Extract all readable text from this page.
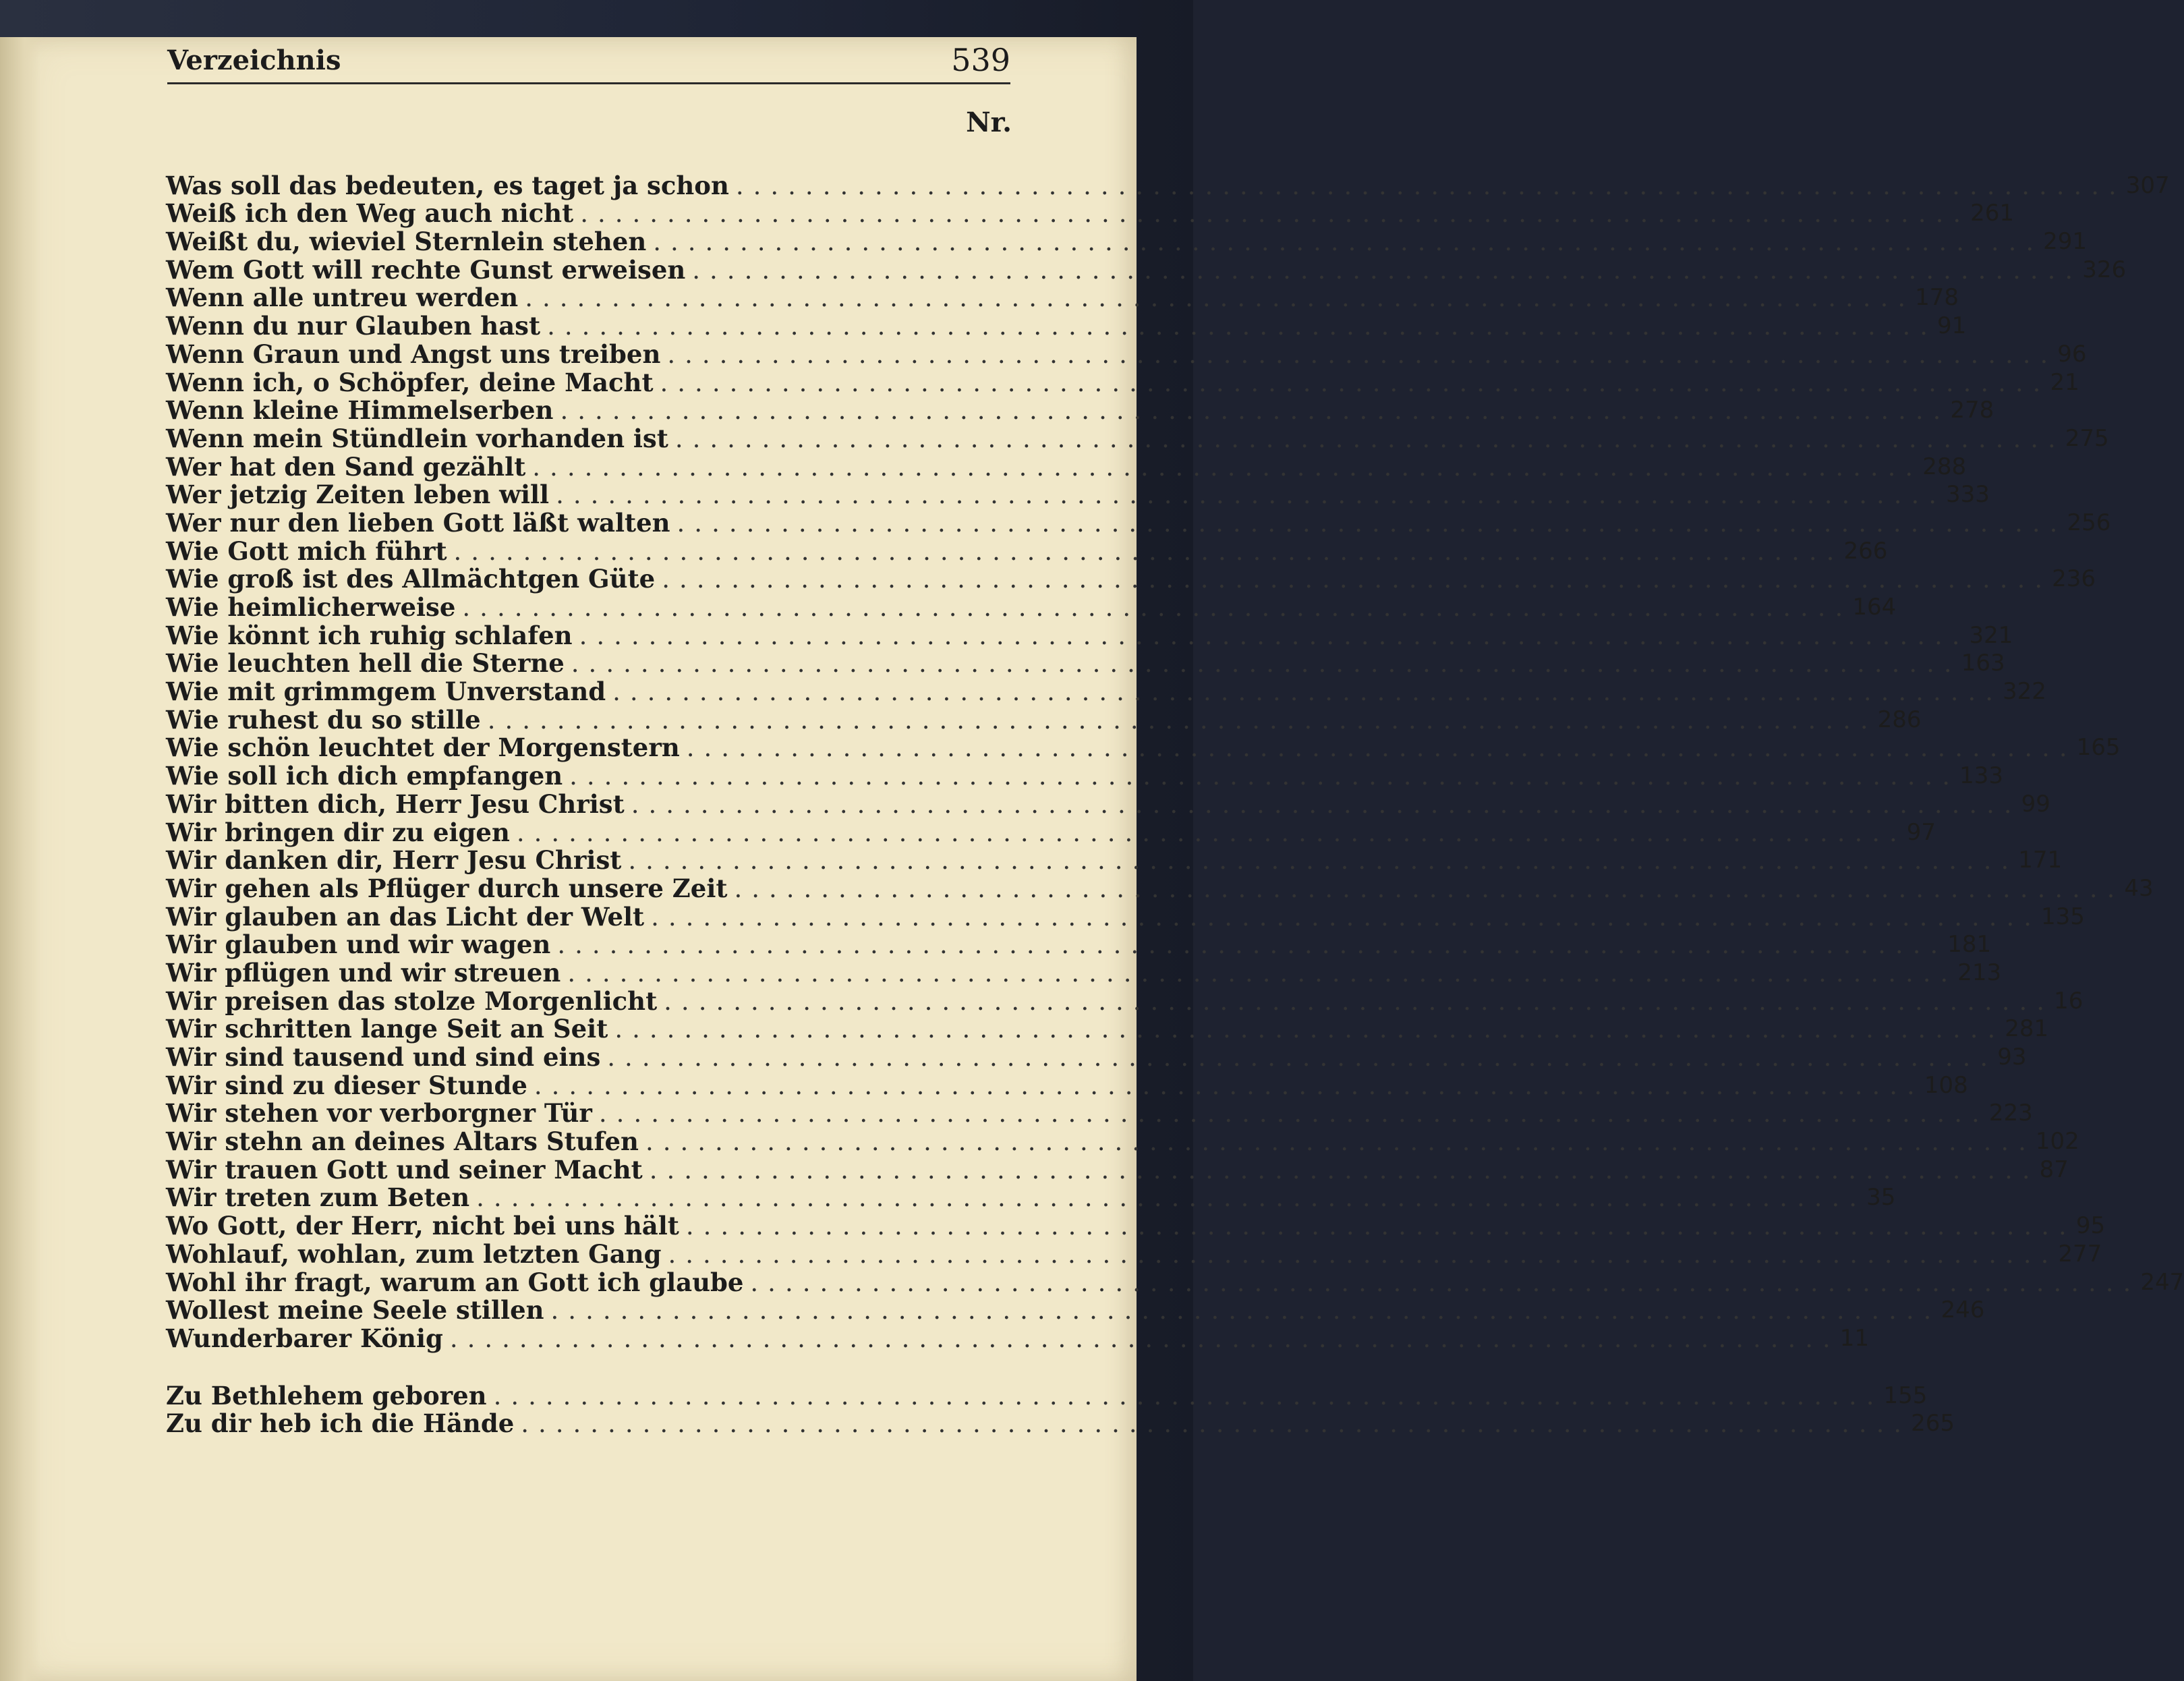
Verzeichnis	539
Nr.
Was soll das bedeuten, es taget ja schon ................................................................................ 307
Weiß ich den Weg auch nicht ................................................................................ 261
Weißt du, wieviel Sternlein stehen ................................................................................ 291
Wem Gott will rechte Gunst erweisen ................................................................................ 326
Wenn alle untreu werden ................................................................................ 178
Wenn du nur Glauben hast ................................................................................ 91
Wenn Graun und Angst uns treiben ................................................................................ 96
Wenn ich, o Schöpfer, deine Macht ................................................................................ 21
Wenn kleine Himmelserben ................................................................................ 278
Wenn mein Stündlein vorhanden ist ................................................................................ 275
Wer hat den Sand gezählt ................................................................................ 288
Wer jetzig Zeiten leben will ................................................................................ 333
Wer nur den lieben Gott läßt walten ................................................................................ 256
Wie Gott mich führt ................................................................................ 266
Wie groß ist des Allmächtgen Güte ................................................................................ 236
Wie heimlicherweise ................................................................................ 164
Wie könnt ich ruhig schlafen ................................................................................ 321
Wie leuchten hell die Sterne ................................................................................ 163
Wie mit grimmgem Unverstand ................................................................................ 322
Wie ruhest du so stille ................................................................................ 286
Wie schön leuchtet der Morgenstern ................................................................................ 165
Wie soll ich dich empfangen ................................................................................ 133
Wir bitten dich, Herr Jesu Christ ................................................................................ 99
Wir bringen dir zu eigen ................................................................................ 97
Wir danken dir, Herr Jesu Christ ................................................................................ 171
Wir gehen als Pflüger durch unsere Zeit ................................................................................ 43
Wir glauben an das Licht der Welt ................................................................................ 135
Wir glauben und wir wagen ................................................................................ 181
Wir pflügen und wir streuen ................................................................................ 213
Wir preisen das stolze Morgenlicht ................................................................................ 16
Wir schritten lange Seit an Seit ................................................................................ 281
Wir sind tausend und sind eins ................................................................................ 93
Wir sind zu dieser Stunde ................................................................................ 108
Wir stehen vor verborgner Tür ................................................................................ 223
Wir stehn an deines Altars Stufen ................................................................................ 102
Wir trauen Gott und seiner Macht ................................................................................ 87
Wir treten zum Beten ................................................................................ 35
Wo Gott, der Herr, nicht bei uns hält ................................................................................ 95
Wohlauf, wohlan, zum letzten Gang ................................................................................ 277
Wohl ihr fragt, warum an Gott ich glaube ................................................................................ 247
Wollest meine Seele stillen ................................................................................ 246
Wunderbarer König ................................................................................ 11
Zu Bethlehem geboren ................................................................................ 155
Zu dir heb ich die Hände ................................................................................ 265
